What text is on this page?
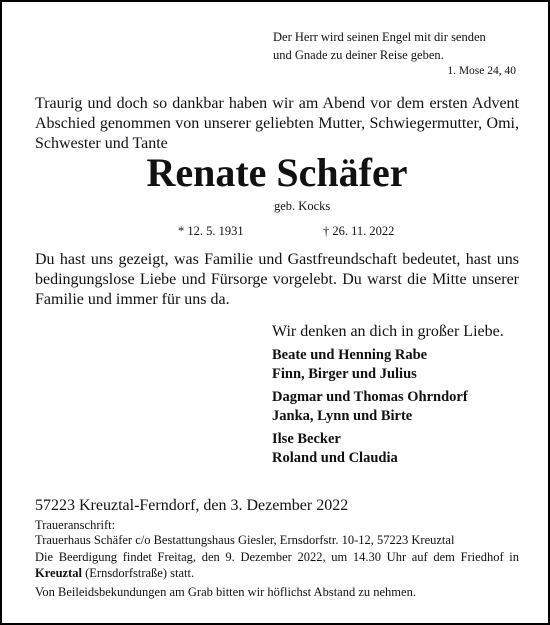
Der Herr wird seinen Engel mit dir senden
und Gnade zu deiner Reise geben.
1. Mose 24, 40
Traurig und doch so dankbar haben wir am Abend vor dem ersten Advent Abschied genommen von unserer geliebten Mutter, Schwiegermutter, Omi, Schwester und Tante
Renate Schäfer
geb. Kocks
* 12. 5. 1931	† 26. 11. 2022
Du hast uns gezeigt, was Familie und Gastfreundschaft bedeutet, hast uns bedingungslose Liebe und Fürsorge vorgelebt. Du warst die Mitte unserer Familie und immer für uns da.
Wir denken an dich in großer Liebe.
Beate und Henning Rabe
Finn, Birger und Julius
Dagmar und Thomas Ohrndorf
Janka, Lynn und Birte
Ilse Becker
Roland und Claudia
57223 Kreuztal-Ferndorf, den 3. Dezember 2022
Traueranschrift:
Trauerhaus Schäfer c/o Bestattungshaus Giesler, Ernsdorfstr. 10-12, 57223 Kreuztal
Die Beerdigung findet Freitag, den 9. Dezember 2022, um 14.30 Uhr auf dem Friedhof in Kreuztal (Ernsdorfstraße) statt.
Von Beileidsbekundungen am Grab bitten wir höflichst Abstand zu nehmen.
